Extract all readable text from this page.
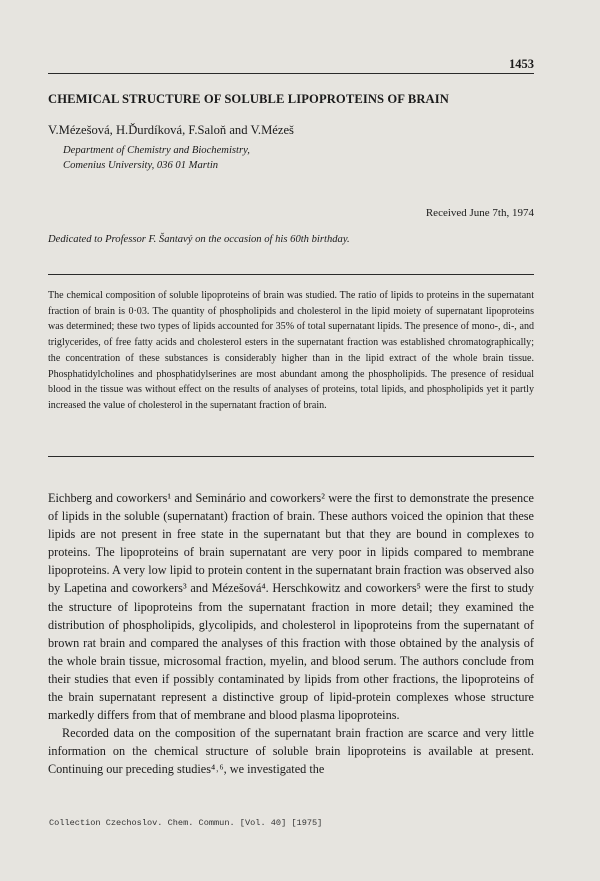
1453
CHEMICAL STRUCTURE OF SOLUBLE LIPOPROTEINS OF BRAIN
V.Mézešová, H.Ďurdíková, F.Saloň and V.Mézeš
Department of Chemistry and Biochemistry,
Comenius University, 036 01 Martin
Received June 7th, 1974
Dedicated to Professor F. Šantavý on the occasion of his 60th birthday.

The chemical composition of soluble lipoproteins of brain was studied. The ratio of lipids to proteins in the supernatant fraction of brain is 0·03. The quantity of phospholipids and cholesterol in the lipid moiety of supernatant lipoproteins was determined; these two types of lipids accounted for 35% of total supernatant lipids. The presence of mono-, di-, and triglycerides, of free fatty acids and cholesterol esters in the supernatant fraction was established chromatographically; the concentration of these substances is considerably higher than in the lipid extract of the whole brain tissue. Phosphatidylcholines and phosphatidylserines are most abundant among the phospholipids. The presence of residual blood in the tissue was without effect on the results of analyses of proteins, total lipids, and phospholipids yet it partly increased the value of cholesterol in the supernatant fraction of brain.

Eichberg and coworkers¹ and Seminário and coworkers² were the first to demonstrate the presence of lipids in the soluble (supernatant) fraction of brain. These authors voiced the opinion that these lipids are not present in free state in the supernatant but that they are bound in complexes to proteins. The lipoproteins of brain supernatant are very poor in lipids compared to membrane lipoproteins. A very low lipid to protein content in the supernatant brain fraction was observed also by Lapetina and coworkers³ and Mézešová⁴. Herschkowitz and coworkers⁵ were the first to study the structure of lipoproteins from the supernatant fraction in more detail; they examined the distribution of phospholipids, glycolipids, and cholesterol in lipoproteins from the supernatant of brown rat brain and compared the analyses of this fraction with those obtained by the analysis of the whole brain tissue, microsomal fraction, myelin, and blood serum. The authors conclude from their studies that even if possibly contaminated by lipids from other fractions, the lipoproteins of the brain supernatant represent a distinctive group of lipid-protein complexes whose structure markedly differs from that of membrane and blood plasma lipoproteins.

Recorded data on the composition of the supernatant brain fraction are scarce and very little information on the chemical structure of soluble brain lipoproteins is available at present. Continuing our preceding studies⁴˒⁶, we investigated the

Collection Czechoslov. Chem. Commun. [Vol. 40] [1975]
